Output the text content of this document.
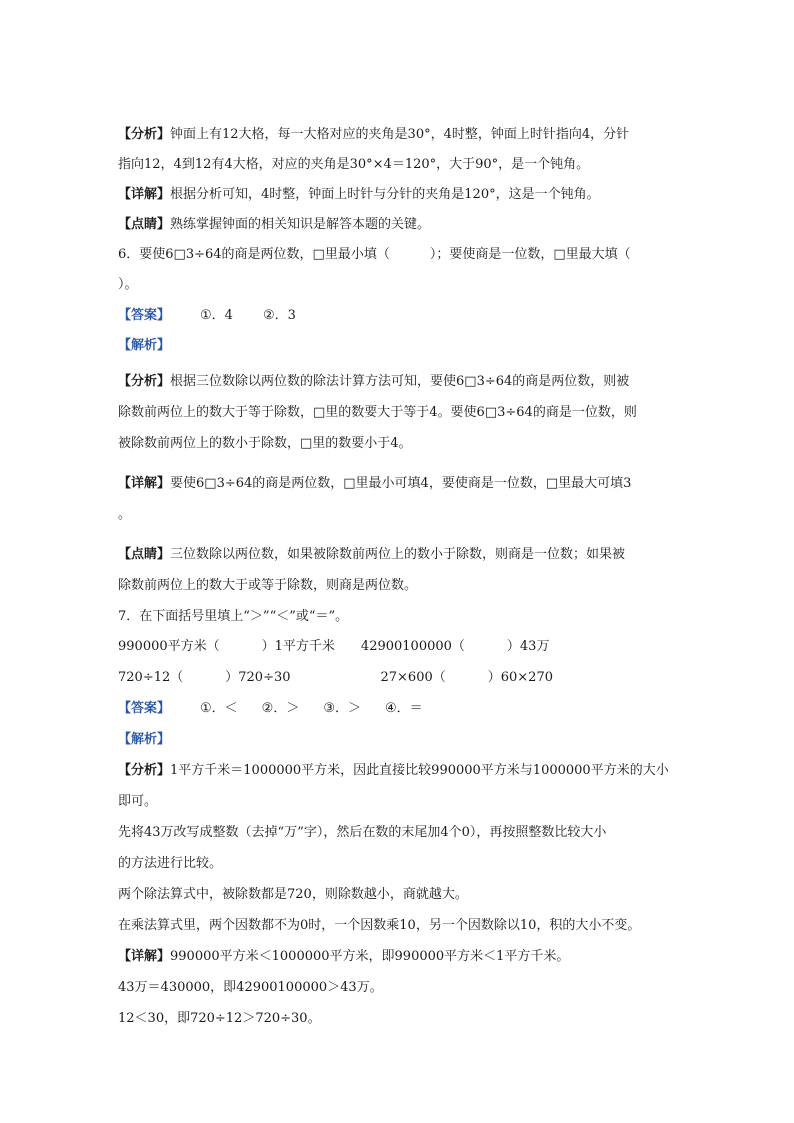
【分析】钟面上有12大格，每一大格对应的夹角是30°，4时整，钟面上时针指向4，分针
指向12，4到12有4大格，对应的夹角是30°×4＝120°，大于90°，是一个钝角。
【详解】根据分析可知，4时整，钟面上时针与分针的夹角是120°，这是一个钝角。
【点睛】熟练掌握钟面的相关知识是解答本题的关键。
6．要使6□3÷64的商是两位数，□里最小填（	）；要使商是一位数，□里最大填（
）。
【答案】 ①．4 ②．3
【解析】
【分析】根据三位数除以两位数的除法计算方法可知，要使6□3÷64的商是两位数，则被
除数前两位上的数大于等于除数，□里的数要大于等于4。要使6□3÷64的商是一位数，则
被除数前两位上的数小于除数，□里的数要小于4。
【详解】要使6□3÷64的商是两位数，□里最小可填4，要使商是一位数，□里最大可填3
。
【点睛】三位数除以两位数，如果被除数前两位上的数小于除数，则商是一位数；如果被
除数前两位上的数大于或等于除数，则商是两位数。
7．在下面括号里填上“＞”“＜”或“＝”。
990000平方米（	）1平方千米 42900100000（	）43万
720÷12（	）720÷30	27×600（	）60×270
【答案】 ①．＜ ②．＞ ③．＞ ④．＝
【解析】
【分析】1平方千米＝1000000平方米，因此直接比较990000平方米与1000000平方米的大小
即可。
先将43万改写成整数（去掉“万”字），然后在数的末尾加4个0），再按照整数比较大小
的方法进行比较。
两个除法算式中，被除数都是720，则除数越小，商就越大。
在乘法算式里，两个因数都不为0时，一个因数乘10，另一个因数除以10，积的大小不变。
【详解】990000平方米＜1000000平方米，即990000平方米＜1平方千米。
43万＝430000，即42900100000＞43万。
12＜30，即720÷12＞720÷30。
